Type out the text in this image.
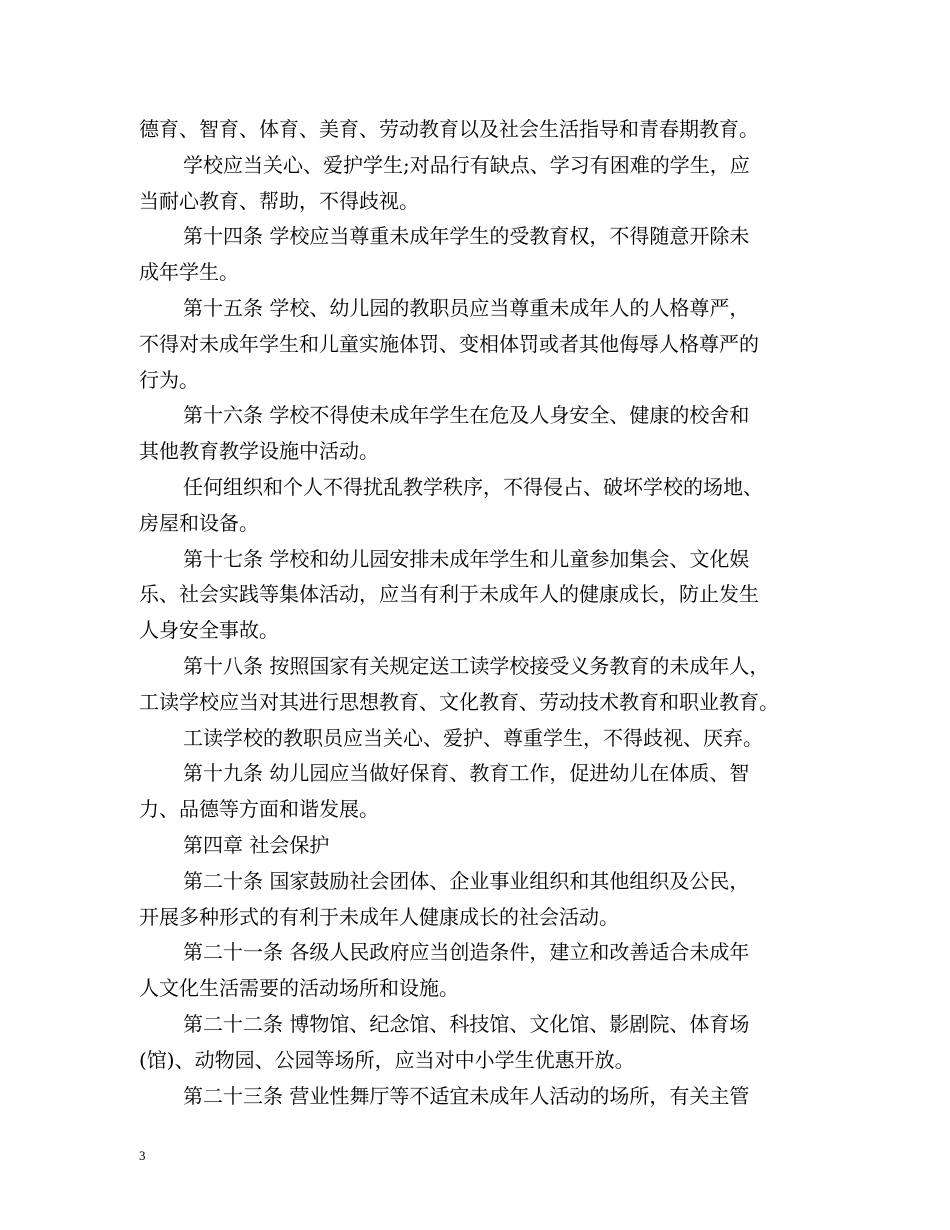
德育、智育、体育、美育、劳动教育以及社会生活指导和青春期教育。
学校应当关心、爱护学生;对品行有缺点、学习有困难的学生，应
当耐心教育、帮助，不得歧视。
第十四条 学校应当尊重未成年学生的受教育权，不得随意开除未
成年学生。
第十五条 学校、幼儿园的教职员应当尊重未成年人的人格尊严，
不得对未成年学生和儿童实施体罚、变相体罚或者其他侮辱人格尊严的
行为。
第十六条 学校不得使未成年学生在危及人身安全、健康的校舍和
其他教育教学设施中活动。
任何组织和个人不得扰乱教学秩序，不得侵占、破坏学校的场地、
房屋和设备。
第十七条 学校和幼儿园安排未成年学生和儿童参加集会、文化娱
乐、社会实践等集体活动，应当有利于未成年人的健康成长，防止发生
人身安全事故。
第十八条 按照国家有关规定送工读学校接受义务教育的未成年人，
工读学校应当对其进行思想教育、文化教育、劳动技术教育和职业教育。
工读学校的教职员应当关心、爱护、尊重学生，不得歧视、厌弃。
第十九条 幼儿园应当做好保育、教育工作，促进幼儿在体质、智
力、品德等方面和谐发展。
第四章 社会保护
第二十条 国家鼓励社会团体、企业事业组织和其他组织及公民，
开展多种形式的有利于未成年人健康成长的社会活动。
第二十一条 各级人民政府应当创造条件，建立和改善适合未成年
人文化生活需要的活动场所和设施。
第二十二条 博物馆、纪念馆、科技馆、文化馆、影剧院、体育场
(馆)、动物园、公园等场所，应当对中小学生优惠开放。
第二十三条 营业性舞厅等不适宜未成年人活动的场所，有关主管
3
